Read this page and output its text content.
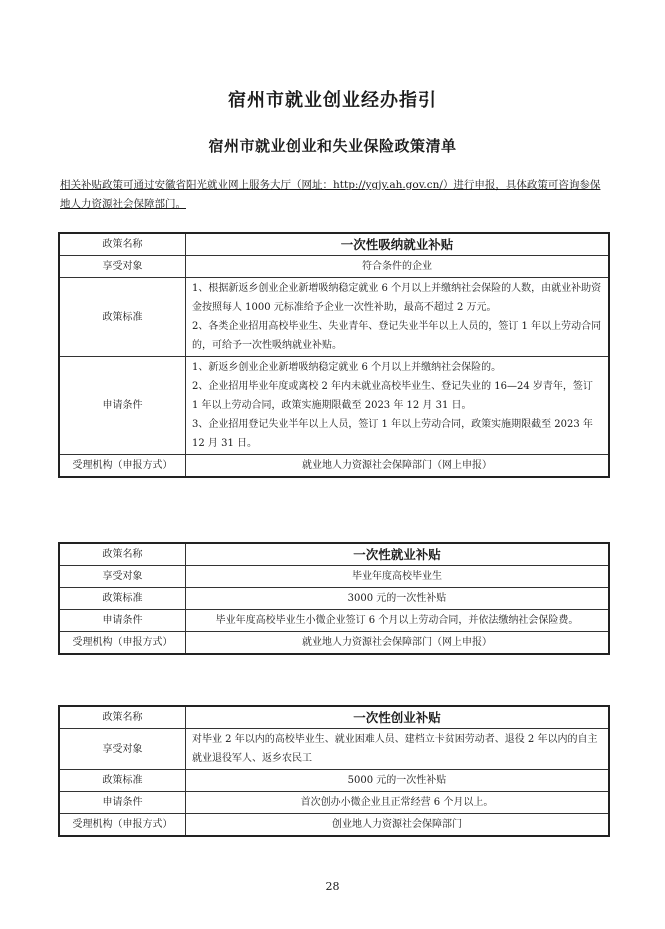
宿州市就业创业经办指引
宿州市就业创业和失业保险政策清单
相关补贴政策可通过安徽省阳光就业网上服务大厅（网址：http://ygjy.ah.gov.cn/）进行申报，具体政策可咨询参保地人力资源社会保障部门。
政策名称	一次性吸纳就业补贴
享受对象	符合条件的企业
政策标准	1、根据新返乡创业企业新增吸纳稳定就业 6 个月以上并缴纳社会保险的人数，由就业补助资金按照每人 1000 元标准给予企业一次性补助，最高不超过 2 万元。
2、各类企业招用高校毕业生、失业青年、登记失业半年以上人员的，签订 1 年以上劳动合同的，可给予一次性吸纳就业补贴。

申请条件	1、新返乡创业企业新增吸纳稳定就业 6 个月以上并缴纳社会保险的。
2、企业招用毕业年度或离校 2 年内未就业高校毕业生、登记失业的 16—24 岁青年，签订 1 年以上劳动合同，政策实施期限截至 2023 年 12 月 31 日。
3、企业招用登记失业半年以上人员，签订 1 年以上劳动合同，政策实施期限截至 2023 年 12 月 31 日。

受理机构（申报方式）	就业地人力资源社会保障部门（网上申报）
政策名称	一次性就业补贴
享受对象	毕业年度高校毕业生
政策标准	3000 元的一次性补贴
申请条件	毕业年度高校毕业生小微企业签订 6 个月以上劳动合同，并依法缴纳社会保险费。
受理机构（申报方式）	就业地人力资源社会保障部门（网上申报）
政策名称	一次性创业补贴
享受对象	对毕业 2 年以内的高校毕业生、就业困难人员、建档立卡贫困劳动者、退役 2 年以内的自主就业退役军人、返乡农民工
政策标准	5000 元的一次性补贴
申请条件	首次创办小微企业且正常经营 6 个月以上。
受理机构（申报方式）	创业地人力资源社会保障部门
28
